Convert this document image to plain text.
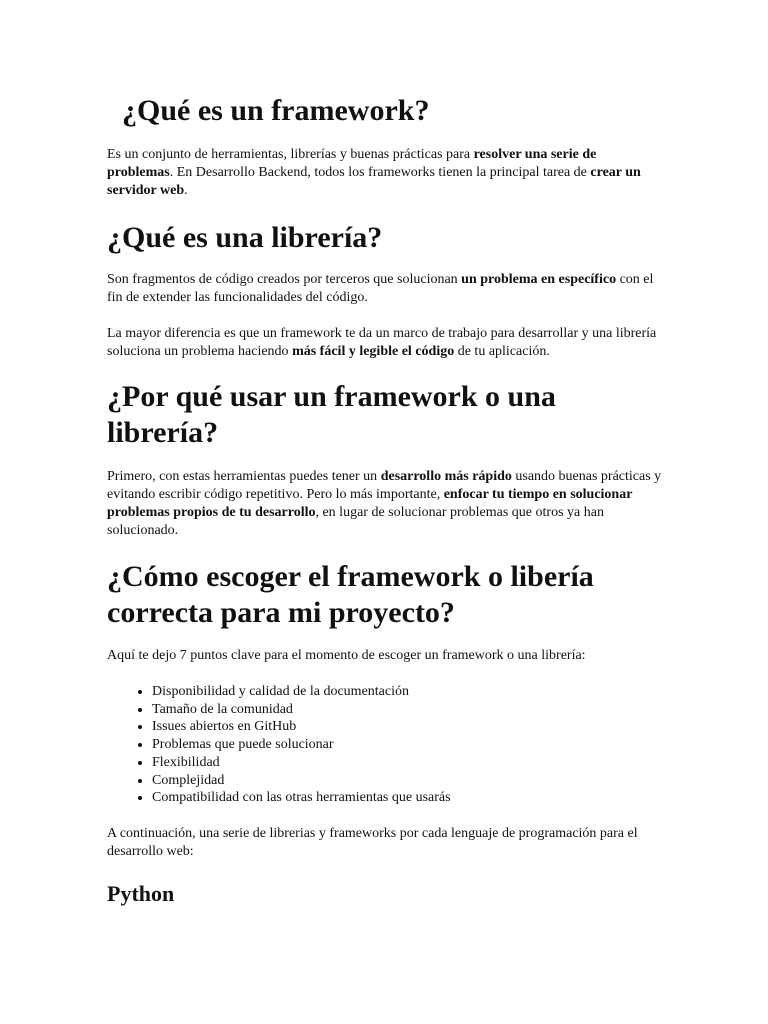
¿Qué es un framework?

Es un conjunto de herramientas, librerías y buenas prácticas para resolver una serie de problemas. En Desarrollo Backend, todos los frameworks tienen la principal tarea de crear un servidor web.

¿Qué es una librería?

Son fragmentos de código creados por terceros que solucionan un problema en específico con el fin de extender las funcionalidades del código.

La mayor diferencia es que un framework te da un marco de trabajo para desarrollar y una librería soluciona un problema haciendo más fácil y legible el código de tu aplicación.

¿Por qué usar un framework o una librería?

Primero, con estas herramientas puedes tener un desarrollo más rápido usando buenas prácticas y evitando escribir código repetitivo. Pero lo más importante, enfocar tu tiempo en solucionar problemas propios de tu desarrollo, en lugar de solucionar problemas que otros ya han solucionado.

¿Cómo escoger el framework o libería correcta para mi proyecto?

Aquí te dejo 7 puntos clave para el momento de escoger un framework o una librería:

• Disponibilidad y calidad de la documentación
• Tamaño de la comunidad
• Issues abiertos en GitHub
• Problemas que puede solucionar
• Flexibilidad
• Complejidad
• Compatibilidad con las otras herramientas que usarás

A continuación, una serie de librerias y frameworks por cada lenguaje de programación para el desarrollo web:

Python
